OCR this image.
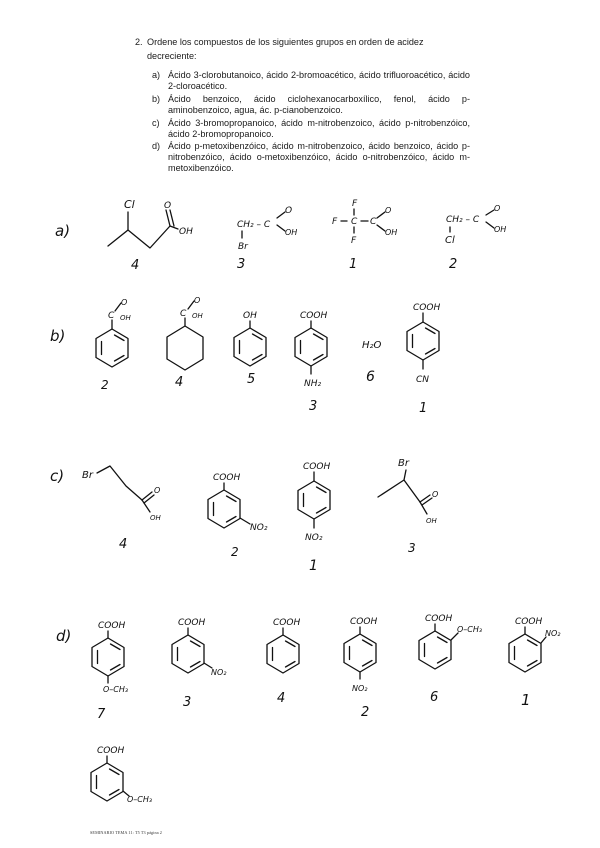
2. Ordene los compuestos de los siguientes grupos en orden de acidez
decreciente:
a) Ácido 3-clorobutanoico, ácido 2-bromoacético, ácido trifluoroacético, ácido 2-cloroacético.
b) Ácido benzoico, ácido ciclohexanocarboxílico, fenol, ácido p-aminobenzoico, agua, ác. p-cianobenzoico.
c) Ácido 3-bromopropanoico, ácido m-nitrobenzoico, ácido p-nitrobenzóico, ácido 2-bromopropanoico.
d) Ácido p-metoxibenzóico, ácido m-nitrobenzoico, ácido benzoico, ácido p-nitrobenzóico, ácido o-metoxibenzóico, ácido o-nitrobenzóico, ácido m-metoxibenzóico.
a)
Cl	O
OH
CH₂ – C
Br
O
OH
F
F C C
O
OH
F
CH₂ – C
O
OH
Cl
4	3	1	2
b)
C
O
OH	C
O
OH	OH	COOH
NH₂
H₂O
COOH
CN
2	4	5
3
6
1
c) Br
O
OH
COOH
NO₂
COOH
NO₂
Br
O
OH
4	2
1
3
d)
COOH
O–CH₃
COOH
NO₂
COOH	COOH
NO₂
COOH
O–CH₃
COOH
NO₂
7
3	4
2
6	1
COOH
O–CH₃
SEMINARIO TEMA 11: T5 T3 página 2
